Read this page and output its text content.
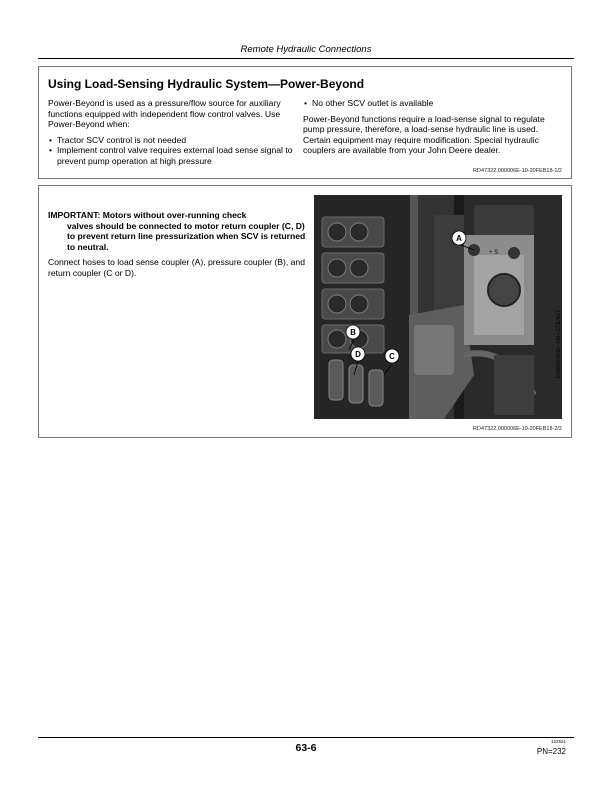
Remote Hydraulic Connections
Using Load-Sensing Hydraulic System—Power-Beyond

Power-Beyond is used as a pressure/flow source for auxiliary functions equipped with independent flow control valves. Use Power-Beyond when:

• Tractor SCV control is not needed
• Implement control valve requires external load sense signal to prevent pump operation at high pressure
• No other SCV outlet is available

Power-Beyond functions require a load-sense signal to regulate pump pressure, therefore, a load-sense hydraulic line is used. Certain equipment may require modification. Special hydraulic couplers are available from your John Deere dealer.

RD47322,000006E-19-20FEB18-1/2

IMPORTANT: Motors without over-running check
valves should be connected to motor return coupler (C, D) to prevent return line pressurization when SCV is returned to neutral.

Connect hoses to load sense coupler (A), pressure coupler (B), and return coupler (C or D).

A
B
D	C
+ S
RXA0160032—UN—27JUN17
RD47322,000006E-19-20FEB18-2/2
63-6
122521
PN=232
